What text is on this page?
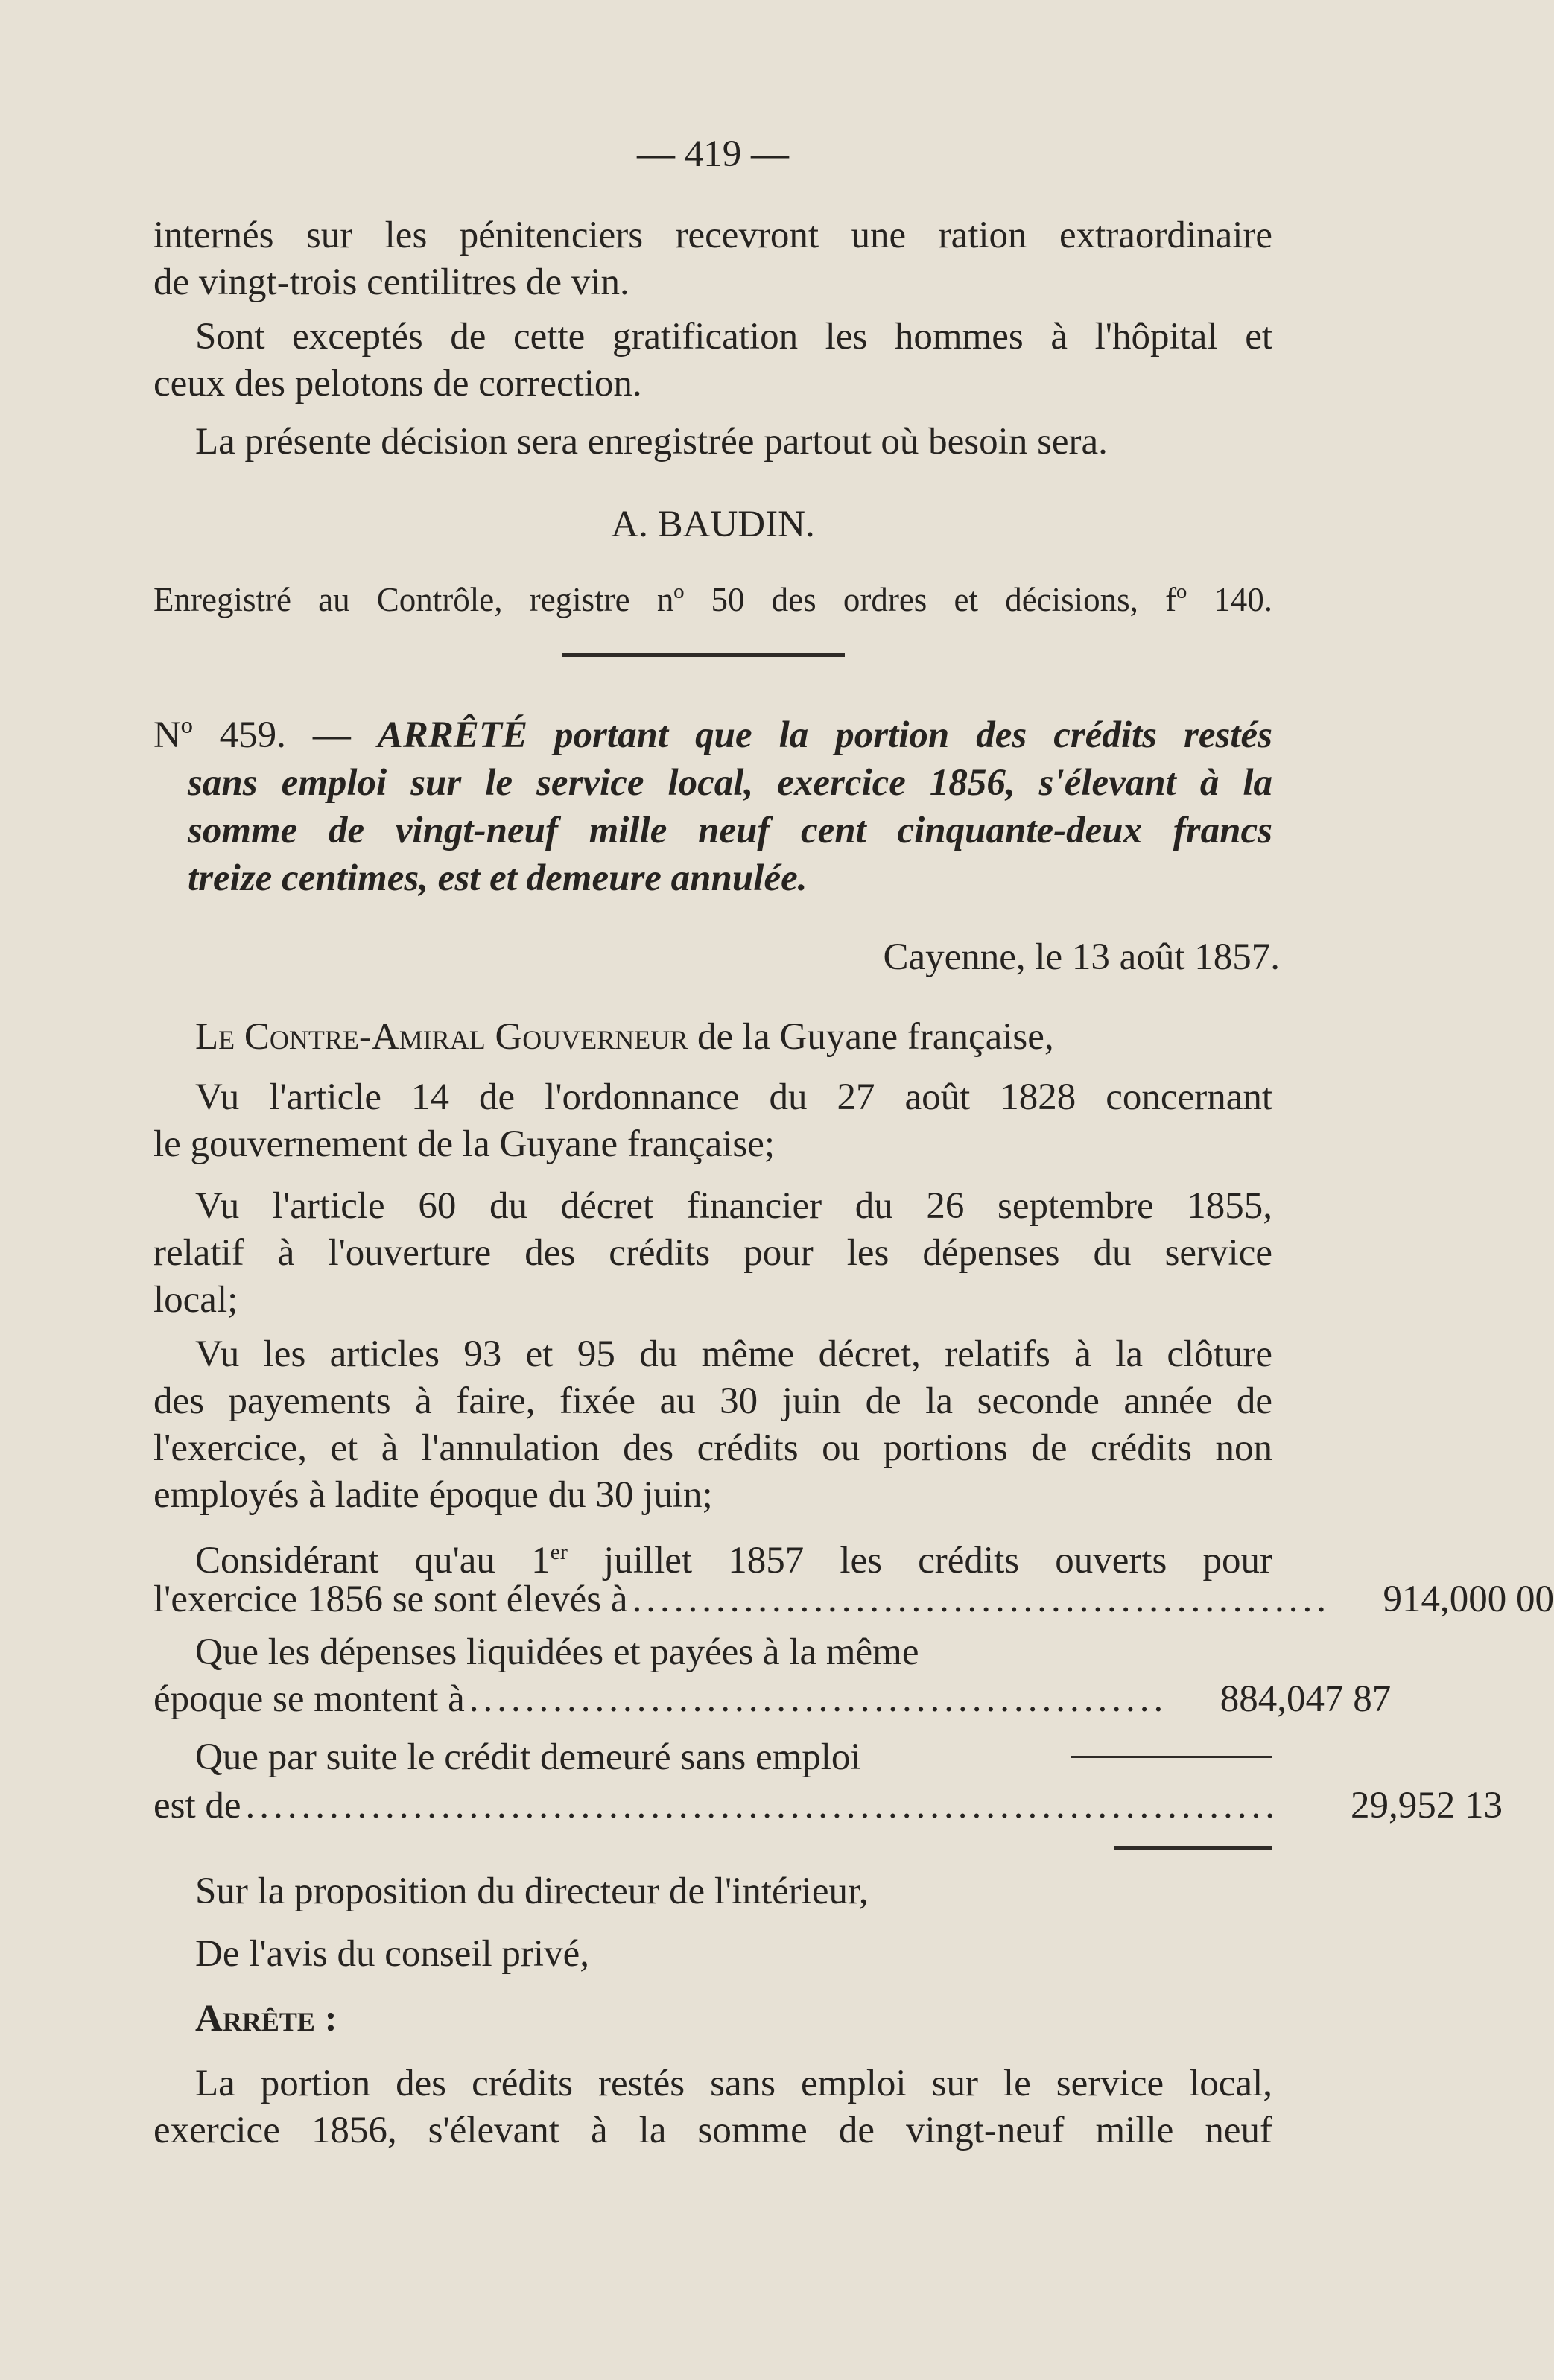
— 419 —
internés sur les pénitenciers recevront une ration extraordinaire
de vingt-trois centilitres de vin.
Sont exceptés de cette gratification les hommes à l'hôpital et
ceux des pelotons de correction.
La présente décision sera enregistrée partout où besoin sera.
A. BAUDIN.
Enregistré au Contrôle, registre nº 50 des ordres et décisions, fº 140.
Nº 459. — ARRÊTÉ portant que la portion des crédits restés
sans emploi sur le service local, exercice 1856, s'élevant à la
somme de vingt-neuf mille neuf cent cinquante-deux francs
treize centimes, est et demeure annulée.
Cayenne, le 13 août 1857.
Le Contre-Amiral Gouverneur de la Guyane française,
Vu l'article 14 de l'ordonnance du 27 août 1828 concernant
le gouvernement de la Guyane française;
Vu l'article 60 du décret financier du 26 septembre 1855,
relatif à l'ouverture des crédits pour les dépenses du service
local;
Vu les articles 93 et 95 du même décret, relatifs à la clôture
des payements à faire, fixée au 30 juin de la seconde année de
l'exercice, et à l'annulation des crédits ou portions de crédits non
employés à ladite époque du 30 juin;
Considérant qu'au 1er juillet 1857 les crédits ouverts pour
l'exercice 1856 se sont élevés à ..................................................	914,000 00
Que les dépenses liquidées et payées à la même
époque se montent à ..................................................	884,047 87
Que par suite le crédit demeuré sans emploi
est de ..........................................................................	29,952 13
Sur la proposition du directeur de l'intérieur,
De l'avis du conseil privé,
Arrête :
La portion des crédits restés sans emploi sur le service local,
exercice 1856, s'élevant à la somme de vingt-neuf mille neuf
